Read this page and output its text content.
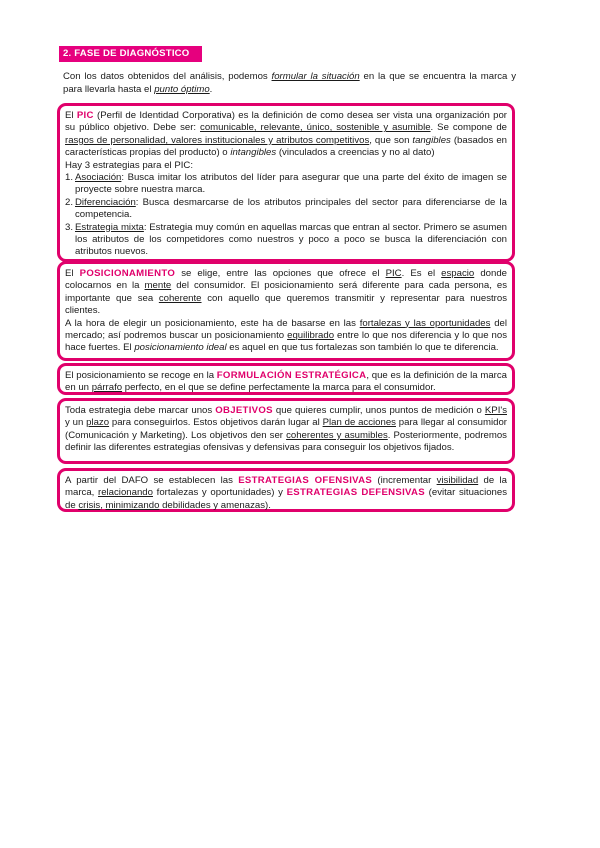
2. FASE DE DIAGNÓSTICO
Con los datos obtenidos del análisis, podemos formular la situación en la que se encuentra la marca y para llevarla hasta el punto óptimo.

El PIC (Perfil de Identidad Corporativa) es la definición de como desea ser vista una organización por su público objetivo. Debe ser: comunicable, relevante, único, sostenible y asumible. Se compone de rasgos de personalidad, valores institucionales y atributos competitivos, que son tangibles (basados en características propias del producto) o intangibles (vinculados a creencias y no al dato)

Hay 3 estrategias para el PIC:

1. Asociación: Busca imitar los atributos del líder para asegurar que una parte del éxito de imagen se proyecte sobre nuestra marca.
2. Diferenciación: Busca desmarcarse de los atributos principales del sector para diferenciarse de la competencia.
3. Estrategia mixta: Estrategia muy común en aquellas marcas que entran al sector. Primero se asumen los atributos de los competidores como nuestros y poco a poco se busca la diferenciación con atributos nuevos.

El POSICIONAMIENTO se elige, entre las opciones que ofrece el PIC. Es el espacio donde colocarnos en la mente del consumidor. El posicionamiento será diferente para cada persona, es importante que sea coherente con aquello que queremos transmitir y representar para nuestros clientes.

A la hora de elegir un posicionamiento, este ha de basarse en las fortalezas y las oportunidades del mercado; así podremos buscar un posicionamiento equilibrado entre lo que nos diferencia y lo que nos hace fuertes. El posicionamiento ideal es aquel en que tus fortalezas son también lo que te diferencia.

El posicionamiento se recoge en la FORMULACIÓN ESTRATÉGICA, que es la definición de la marca en un párrafo perfecto, en el que se define perfectamente la marca para el consumidor.

Toda estrategia debe marcar unos OBJETIVOS que quieres cumplir, unos puntos de medición o KPI's y un plazo para conseguirlos. Estos objetivos darán lugar al Plan de acciones para llegar al consumidor (Comunicación y Marketing). Los objetivos den ser coherentes y asumibles. Posteriormente, podremos definir las diferentes estrategias ofensivas y defensivas para conseguir los objetivos fijados.

A partir del DAFO se establecen las ESTRATEGIAS OFENSIVAS (incrementar visibilidad de la marca, relacionando fortalezas y oportunidades) y ESTRATEGIAS DEFENSIVAS (evitar situaciones de crisis, minimizando debilidades y amenazas).
